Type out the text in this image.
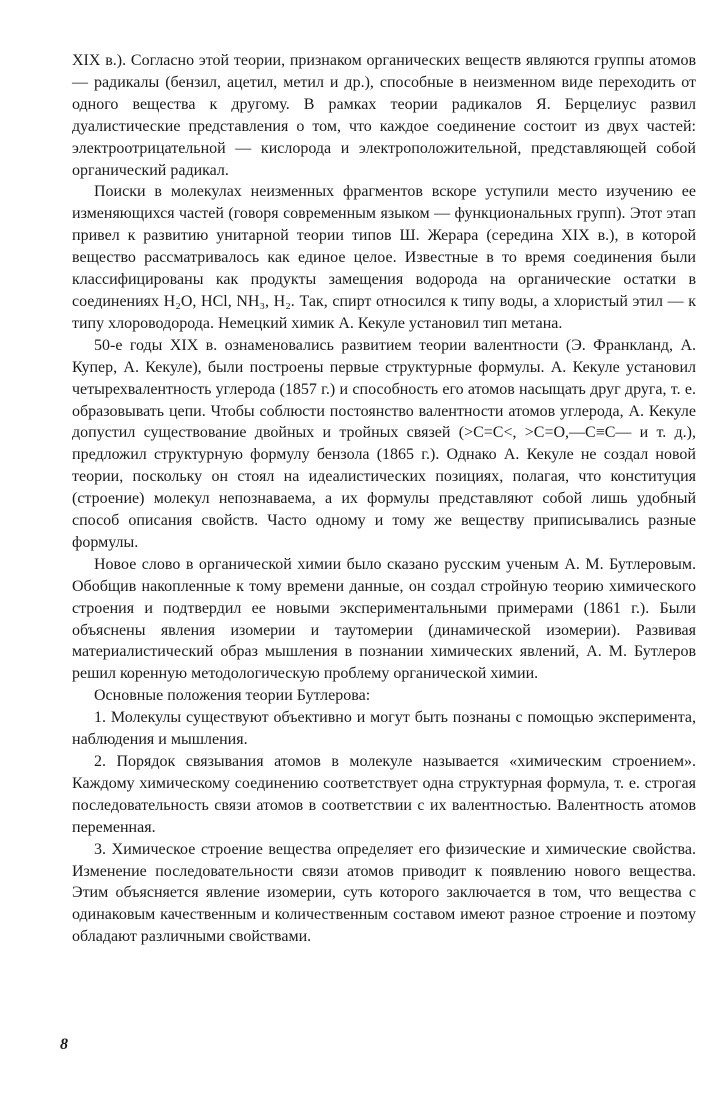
XIX в.). Согласно этой теории, признаком органических веществ являются группы атомов — радикалы (бензил, ацетил, метил и др.), способные в неизменном виде переходить от одного вещества к другому. В рамках теории радикалов Я. Берцелиус развил дуалистические представления о том, что каждое соединение состоит из двух частей: электроотрицательной — кислорода и электроположительной, представляющей собой органический радикал.

Поиски в молекулах неизменных фрагментов вскоре уступили место изучению ее изменяющихся частей (говоря современным языком — функциональных групп). Этот этап привел к развитию унитарной теории типов Ш. Жерара (середина XIX в.), в которой вещество рассматривалось как единое целое. Известные в то время соединения были классифицированы как продукты замещения водорода на органические остатки в соединениях H₂O, HCl, NH₃, H₂. Так, спирт относился к типу воды, а хлористый этил — к типу хлороводорода. Немецкий химик А. Кекуле установил тип метана.

50-е годы XIX в. ознаменовались развитием теории валентности (Э. Франкланд, А. Купер, А. Кекуле), были построены первые структурные формулы. А. Кекуле установил четырехвалентность углерода (1857 г.) и способность его атомов насыщать друг друга, т. е. образовывать цепи. Чтобы соблюсти постоянство валентности атомов углерода, А. Кекуле допустил существование двойных и тройных связей (>C=C<, >C=O,—C≡C— и т. д.), предложил структурную формулу бензола (1865 г.). Однако А. Кекуле не создал новой теории, поскольку он стоял на идеалистических позициях, полагая, что конституция (строение) молекул непознаваема, а их формулы представляют собой лишь удобный способ описания свойств. Часто одному и тому же веществу приписывались разные формулы.

Новое слово в органической химии было сказано русским ученым А. М. Бутлеровым. Обобщив накопленные к тому времени данные, он создал стройную теорию химического строения и подтвердил ее новыми экспериментальными примерами (1861 г.). Были объяснены явления изомерии и таутомерии (динамической изомерии). Развивая материалистический образ мышления в познании химических явлений, А. М. Бутлеров решил коренную методологическую проблему органической химии.

Основные положения теории Бутлерова:

1. Молекулы существуют объективно и могут быть познаны с помощью эксперимента, наблюдения и мышления.

2. Порядок связывания атомов в молекуле называется «химическим строением». Каждому химическому соединению соответствует одна структурная формула, т. е. строгая последовательность связи атомов в соответствии с их валентностью. Валентность атомов переменная.

3. Химическое строение вещества определяет его физические и химические свойства. Изменение последовательности связи атомов приводит к появлению нового вещества. Этим объясняется явление изомерии, суть которого заключается в том, что вещества с одинаковым качественным и количественным составом имеют разное строение и поэтому обладают различными свойствами.

8
